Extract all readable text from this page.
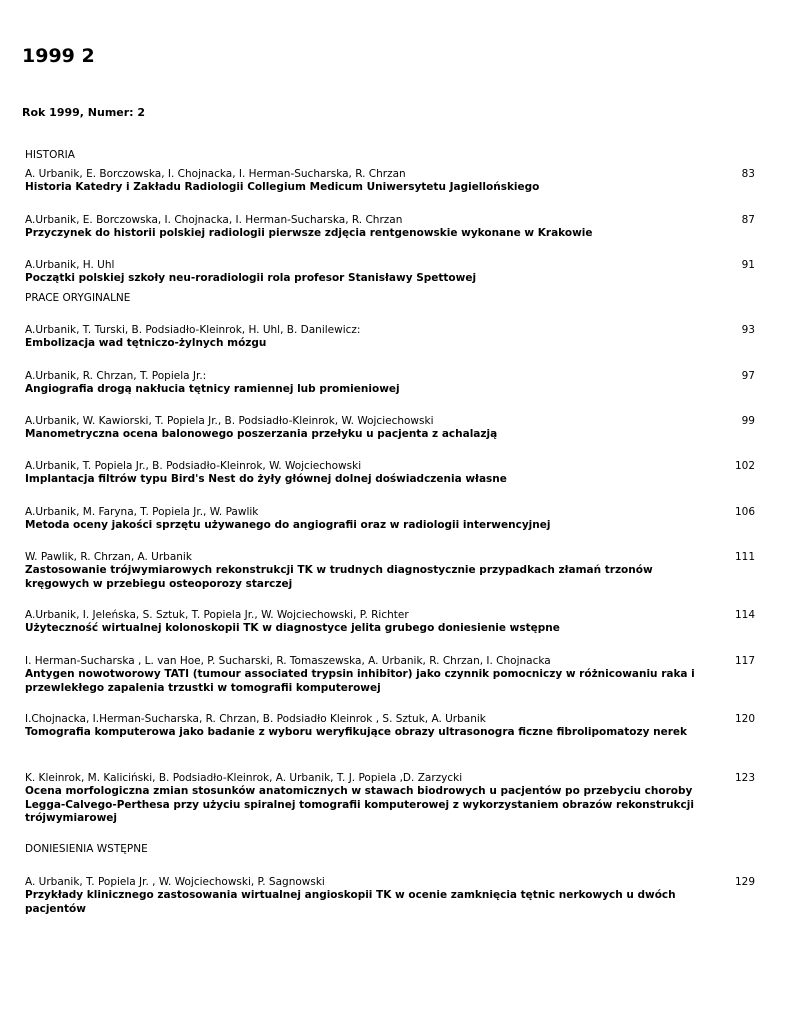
1999 2
Rok 1999, Numer: 2
HISTORIA
A. Urbanik, E. Borczowska, I. Chojnacka, I. Herman-Sucharska, R. Chrzan
Historia Katedry i Zakładu Radiologii Collegium Medicum Uniwersytetu Jagiellońskiego
83
A.Urbanik, E. Borczowska, I. Chojnacka, I. Herman-Sucharska, R. Chrzan
Przyczynek do historii polskiej radiologii pierwsze zdjęcia rentgenowskie wykonane w Krakowie
87
A.Urbanik, H. Uhl
Początki polskiej szkoły neu-roradiologii rola profesor Stanisławy Spettowej
91
PRACE ORYGINALNE
A.Urbanik, T. Turski, B. Podsiadło-Kleinrok, H. Uhl, B. Danilewicz:
Embolizacja wad tętniczo-żylnych mózgu
93
A.Urbanik, R. Chrzan, T. Popiela Jr.:
Angiografia drogą nakłucia tętnicy ramiennej lub promieniowej
97
A.Urbanik, W. Kawiorski, T. Popiela Jr., B. Podsiadło-Kleinrok, W. Wojciechowski
Manometryczna ocena balonowego poszerzania przełyku u pacjenta z achalazją
99
A.Urbanik, T. Popiela Jr., B. Podsiadło-Kleinrok, W. Wojciechowski
Implantacja filtrów typu Bird's Nest do żyły głównej dolnej doświadczenia własne
102
A.Urbanik, M. Faryna, T. Popiela Jr., W. Pawlik
Metoda oceny jakości sprzętu używanego do angiografii oraz w radiologii interwencyjnej
106
W. Pawlik, R. Chrzan, A. Urbanik
Zastosowanie trójwymiarowych rekonstrukcji TK w trudnych diagnostycznie przypadkach złamań trzonów kręgowych w przebiegu osteoporozy starczej
111
A.Urbanik, I. Jeleńska, S. Sztuk, T. Popiela Jr., W. Wojciechowski, P. Richter
Użyteczność wirtualnej kolonoskopii TK w diagnostyce jelita grubego doniesienie wstępne
114
I. Herman-Sucharska , L. van Hoe, P. Sucharski, R. Tomaszewska, A. Urbanik, R. Chrzan, I. Chojnacka
Antygen nowotworowy TATI (tumour associated trypsin inhibitor) jako czynnik pomocniczy w różnicowaniu raka i przewlekłego zapalenia trzustki w tomografii komputerowej
117
I.Chojnacka, I.Herman-Sucharska, R. Chrzan, B. Podsiadło Kleinrok , S. Sztuk, A. Urbanik
Tomografia komputerowa jako badanie z wyboru weryfikujące obrazy ultrasonogra ficzne fibrolipomatozy nerek
120
K. Kleinrok, M. Kaliciński, B. Podsiadło-Kleinrok, A. Urbanik, T. J. Popiela ,D. Zarzycki
Ocena morfologiczna zmian stosunków anatomicznych w stawach biodrowych u pacjentów po przebyciu choroby Legga-Calvego-Perthesa przy użyciu spiralnej tomografii komputerowej z wykorzystaniem obrazów rekonstrukcji trójwymiarowej
123
DONIESIENIA WSTĘPNE
A. Urbanik, T. Popiela Jr. , W. Wojciechowski, P. Sagnowski
Przykłady klinicznego zastosowania wirtualnej angioskopii TK w ocenie zamknięcia tętnic nerkowych u dwóch pacjentów
129
